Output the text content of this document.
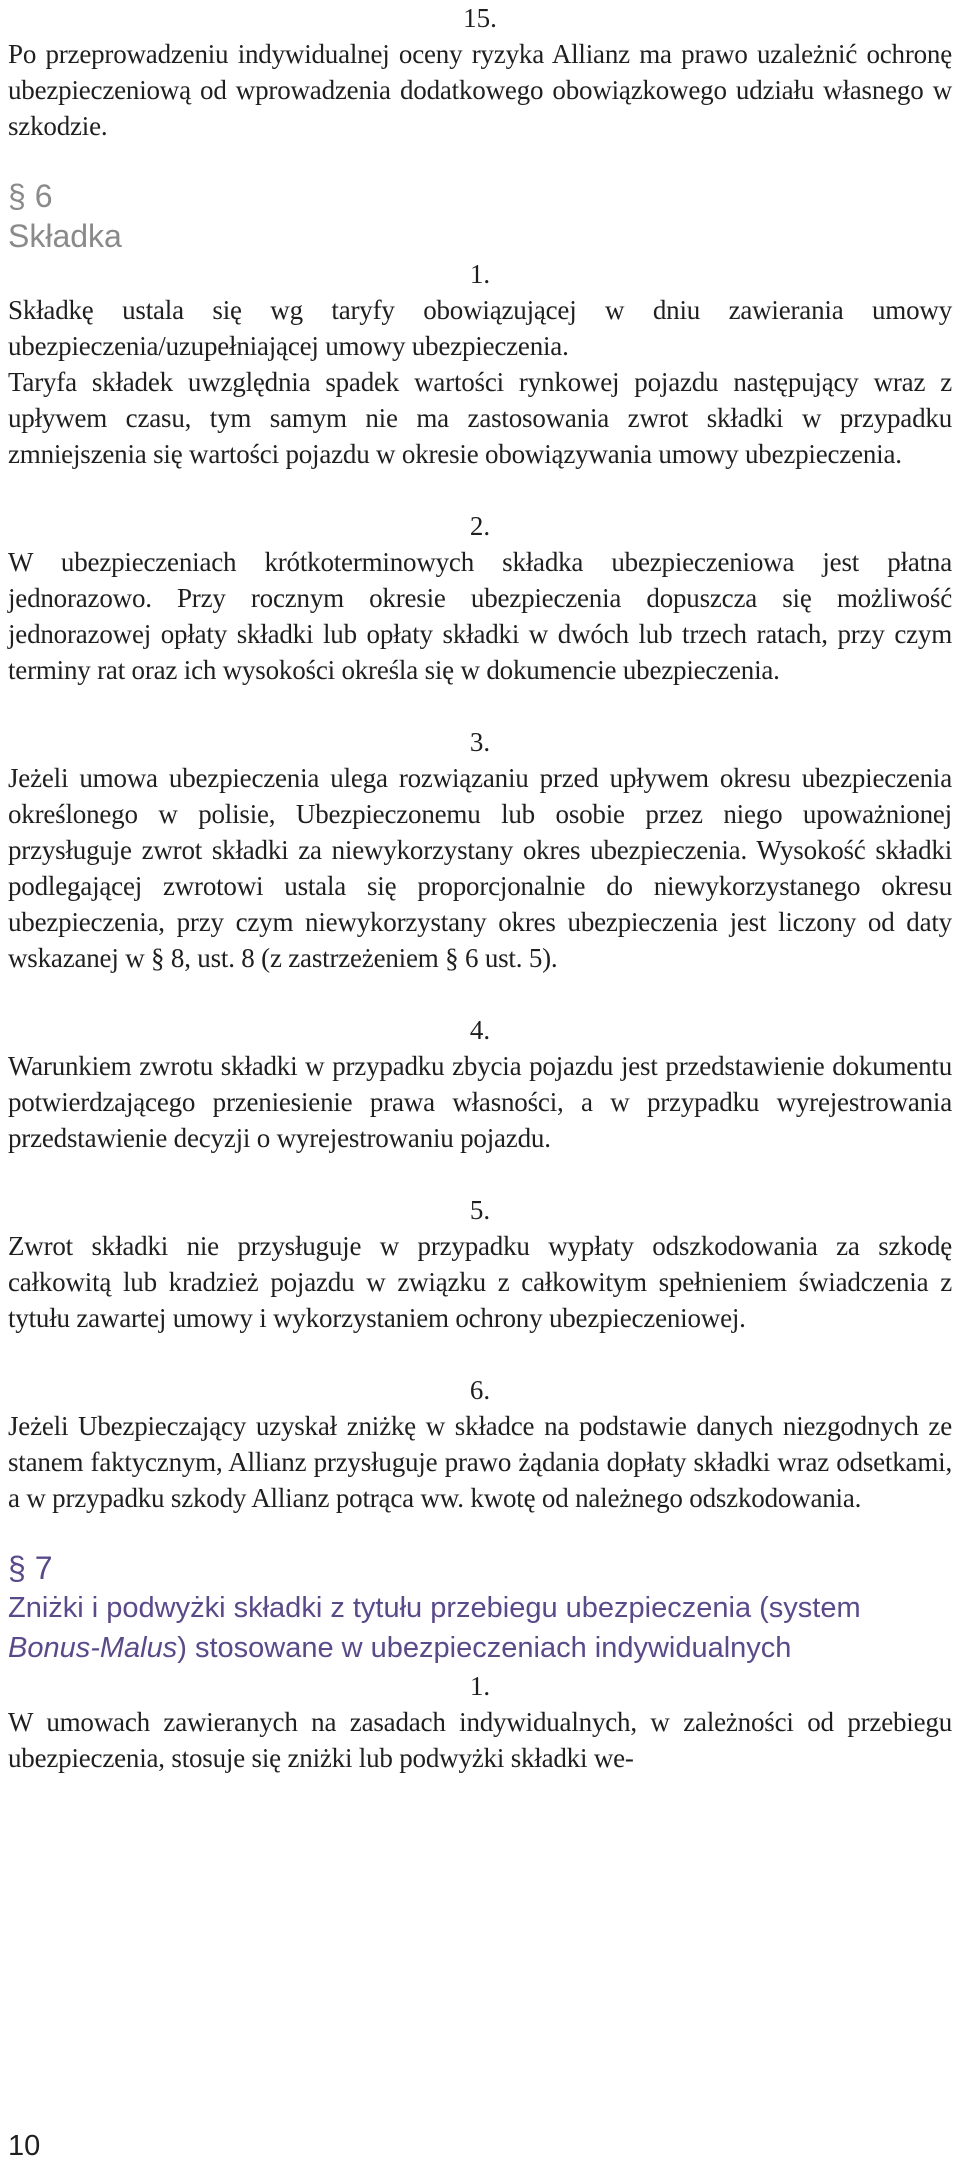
15.

Po przeprowadzeniu indywidualnej oceny ryzyka Allianz ma prawo uzależnić ochronę ubezpieczeniową od wprowadzenia dodatkowego obowiązkowego udziału własnego w szkodzie.

§ 6

Składka

1.

Składkę ustala się wg taryfy obowiązującej w dniu zawierania umowy ubezpieczenia/uzupełniającej umowy ubezpieczenia.

Taryfa składek uwzględnia spadek wartości rynkowej pojazdu następujący wraz z upływem czasu, tym samym nie ma zastosowania zwrot składki w przypadku zmniejszenia się wartości pojazdu w okresie obowiązywania umowy ubezpieczenia.

2.

W ubezpieczeniach krótkoterminowych składka ubezpieczeniowa jest płatna jednorazowo. Przy rocznym okresie ubezpieczenia dopuszcza się możliwość jednorazowej opłaty składki lub opłaty składki w dwóch lub trzech ratach, przy czym terminy rat oraz ich wysokości określa się w dokumencie ubezpieczenia.

3.

Jeżeli umowa ubezpieczenia ulega rozwiązaniu przed upływem okresu ubezpieczenia określonego w polisie, Ubezpieczonemu lub osobie przez niego upoważnionej przysługuje zwrot składki za niewykorzystany okres ubezpieczenia. Wysokość składki podlegającej zwrotowi ustala się proporcjonalnie do niewykorzystanego okresu ubezpieczenia, przy czym niewykorzystany okres ubezpieczenia jest liczony od daty wskazanej w § 8, ust. 8 (z zastrzeżeniem § 6 ust. 5).

4.

Warunkiem zwrotu składki w przypadku zbycia pojazdu jest przedstawienie dokumentu potwierdzającego przeniesienie prawa własności, a w przypadku wyrejestrowania przedstawienie decyzji o wyrejestrowaniu pojazdu.

5.

Zwrot składki nie przysługuje w przypadku wypłaty odszkodowania za szkodę całkowitą lub kradzież pojazdu w związku z całkowitym spełnieniem świadczenia z tytułu zawartej umowy i wykorzystaniem ochrony ubezpieczeniowej.

6.

Jeżeli Ubezpieczający uzyskał zniżkę w składce na podstawie danych niezgodnych ze stanem faktycznym, Allianz przysługuje prawo żądania dopłaty składki wraz odsetkami, a w przypadku szkody Allianz potrąca ww. kwotę od należnego odszkodowania.

§ 7

Zniżki i podwyżki składki z tytułu przebiegu ubezpieczenia (system Bonus-Malus) stosowane w ubezpieczeniach indywidualnych

1.

W umowach zawieranych na zasadach indywidualnych, w zależności od przebiegu ubezpieczenia, stosuje się zniżki lub podwyżki składki we-

10
